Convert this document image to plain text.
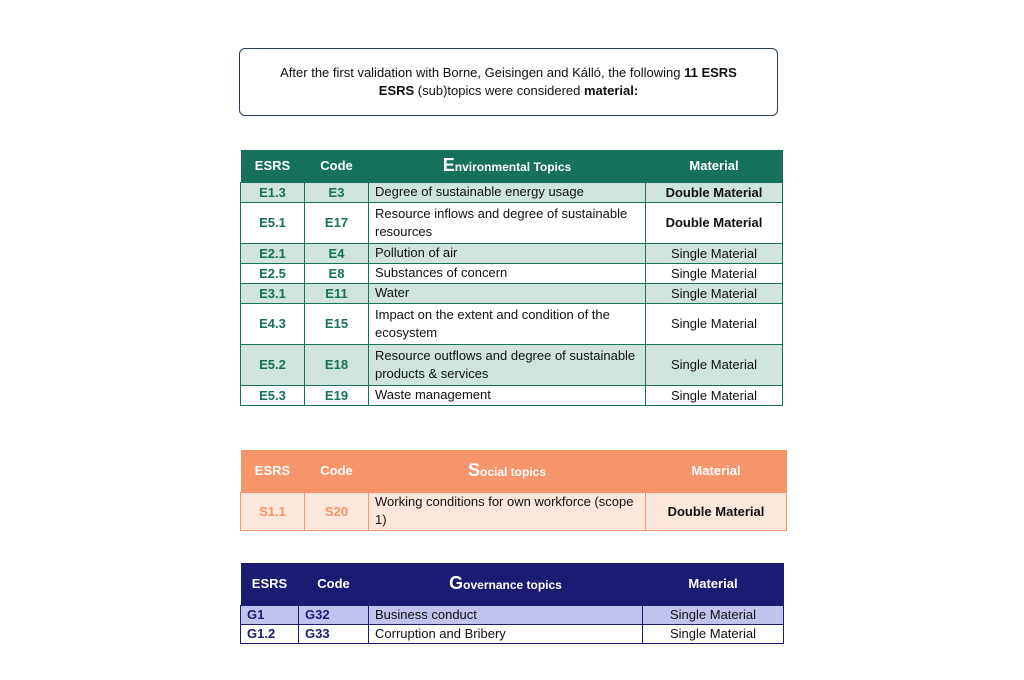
After the first validation with Borne, Geisingen and Kálló, the following 11 ESRS
ESRS (sub)topics were considered material:
ESRS	Code	Environmental Topics	Material
E1.3	E3	Degree of sustainable energy usage	Double Material
E5.1	E17	Resource inflows and degree of sustainable resources	Double Material
E2.1	E4	Pollution of air	Single Material
E2.5	E8	Substances of concern	Single Material
E3.1	E11	Water	Single Material
E4.3	E15	Impact on the extent and condition of the ecosystem	Single Material
E5.2	E18	Resource outflows and degree of sustainable products & services	Single Material
E5.3	E19	Waste management	Single Material
ESRS	Code	Social topics	Material
S1.1	S20	Working conditions for own workforce (scope 1)	Double Material
ESRS	Code	Governance topics	Material
G1	G32	Business conduct	Single Material
G1.2	G33	Corruption and Bribery	Single Material
